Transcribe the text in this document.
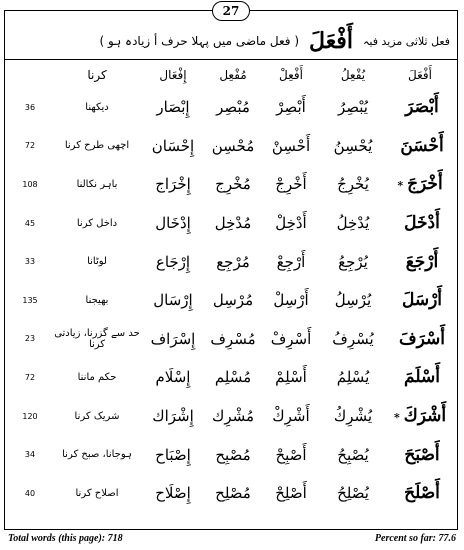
27
فعل ثلاثی مزید فیہ
أَفْعَلَ
( فعل ماضی میں پہلا حرف أ زیادہ ہو )
أَفْعَلَ	يُفْعِلُ	أَفْعِلْ	مُفْعِل	إِفْعَال	کرنا	
أَبْصَرَ	يُبْصِرُ	أَبْصِرْ	مُبْصِر	إِبْصَار	دیکھنا	36
أَحْسَنَ	يُحْسِنُ	أَحْسِنْ	مُحْسِن	إِحْسَان	اچھی طرح کرنا	72
أَخْرَجَ*	يُخْرِجُ	أَخْرِجْ	مُخْرِج	إِخْرَاج	باہر نکالنا	108
أَدْخَلَ	يُدْخِلُ	أَدْخِلْ	مُدْخِل	إِدْخَال	داخل کرنا	45
أَرْجَعَ	يُرْجِعُ	أَرْجِعْ	مُرْجِع	إِرْجَاع	لوٹانا	33
أَرْسَلَ	يُرْسِلُ	أَرْسِلْ	مُرْسِل	إِرْسَال	بھیجنا	135
أَسْرَفَ	يُسْرِفُ	أَسْرِفْ	مُسْرِف	إِسْرَاف	حد سے گزرنا، زیادتی کرنا	23
أَسْلَمَ	يُسْلِمُ	أَسْلِمْ	مُسْلِم	إِسْلَام	حکم ماننا	72
أَشْرَكَ*	يُشْرِكُ	أَشْرِكْ	مُشْرِك	إِشْرَاك	شریک کرنا	120
أَصْبَحَ	يُصْبِحُ	أَصْبِحْ	مُصْبِح	إِصْبَاح	ہوجانا، صبح کرنا	34
أَصْلَحَ	يُصْلِحُ	أَصْلِحْ	مُصْلِح	إِصْلَاح	اصلاح کرنا	40
Total words (this page): 718	Percent so far: 77.6
